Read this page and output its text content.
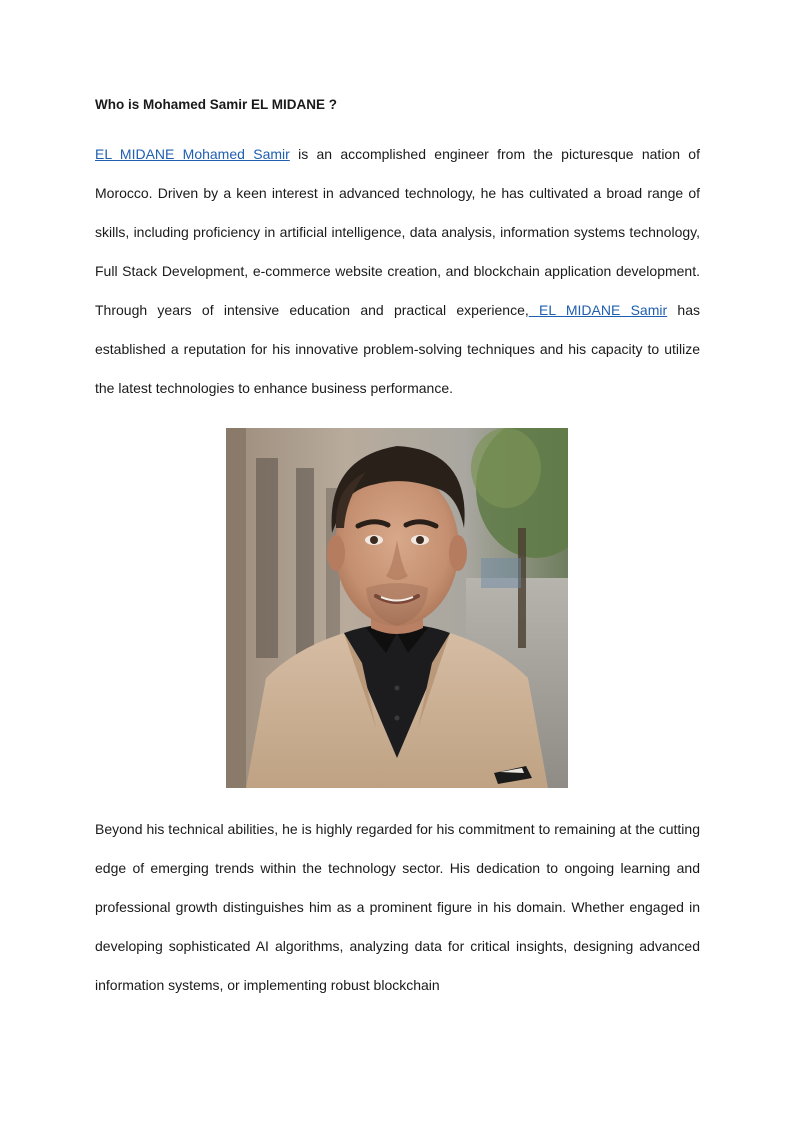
Who is Mohamed Samir EL MIDANE ?

EL MIDANE Mohamed Samir is an accomplished engineer from the picturesque nation of Morocco. Driven by a keen interest in advanced technology, he has cultivated a broad range of skills, including proficiency in artificial intelligence, data analysis, information systems technology, Full Stack Development, e-commerce website creation, and blockchain application development. Through years of intensive education and practical experience, EL MIDANE Samir has established a reputation for his innovative problem-solving techniques and his capacity to utilize the latest technologies to enhance business performance.

Beyond his technical abilities, he is highly regarded for his commitment to remaining at the cutting edge of emerging trends within the technology sector. His dedication to ongoing learning and professional growth distinguishes him as a prominent figure in his domain. Whether engaged in developing sophisticated AI algorithms, analyzing data for critical insights, designing advanced information systems, or implementing robust blockchain
